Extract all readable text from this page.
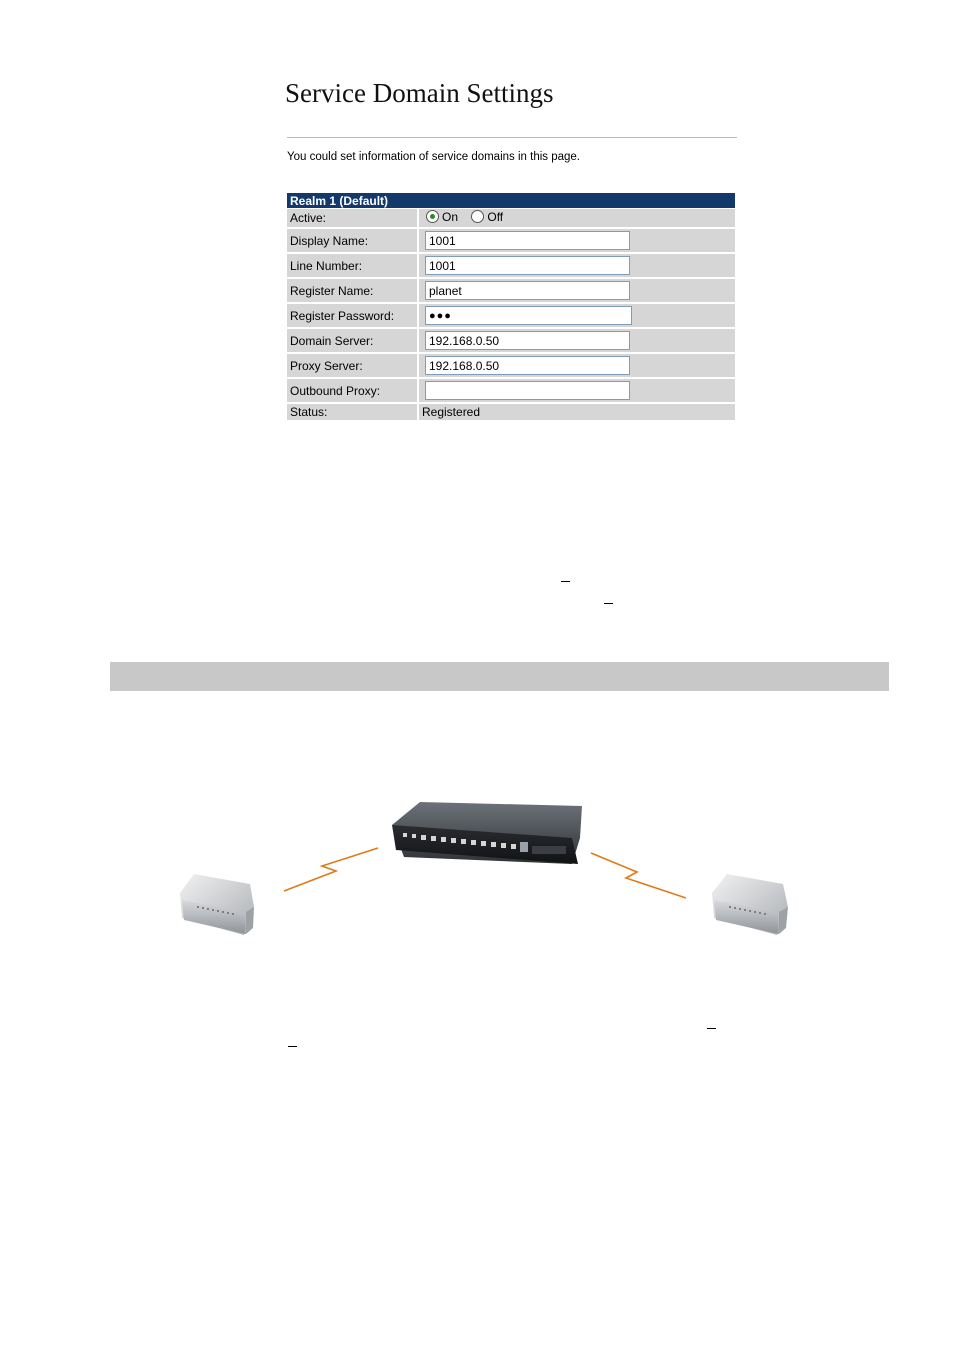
Service Domain Settings
You could set information of service domains in this page.
Realm 1 (Default)	
Active:	On
Off

Display Name:	1001
Line Number:	1001
Register Name:	planet
Register Password:	●●●
Domain Server:	192.168.0.50
Proxy Server:	192.168.0.50
Outbound Proxy:	
Status:	Registered
